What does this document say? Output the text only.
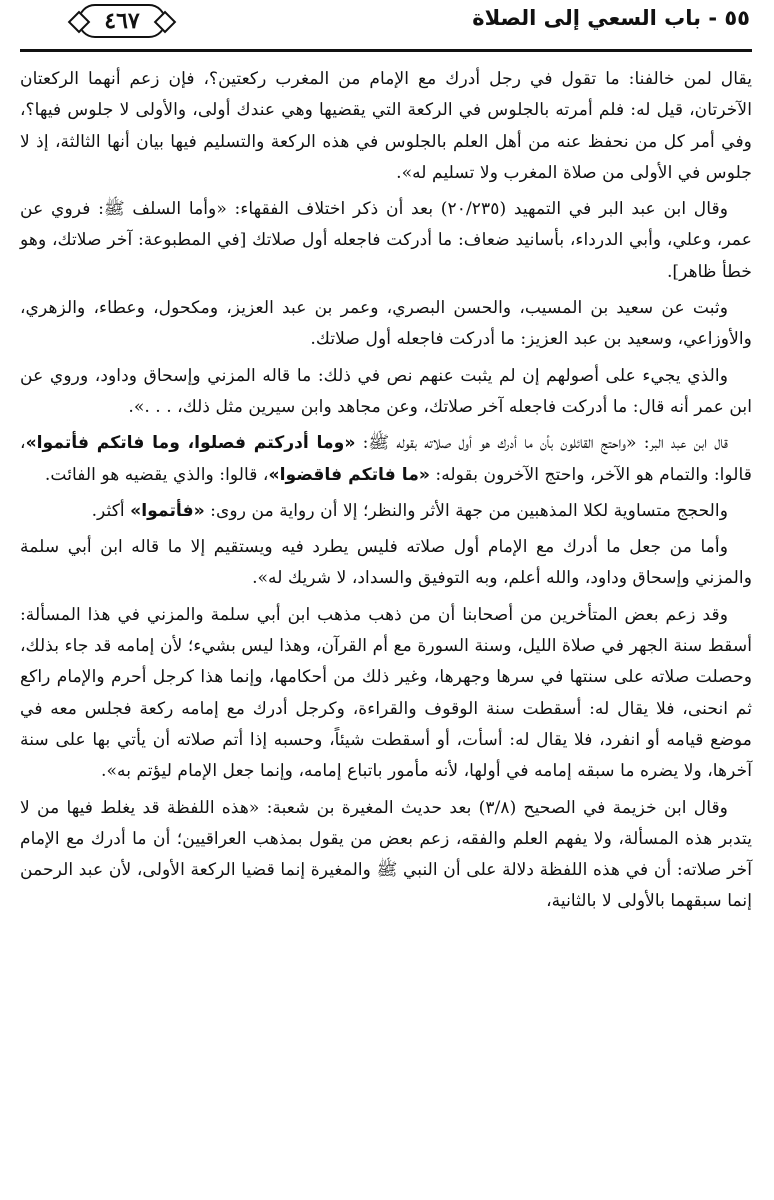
٥٥ - باب السعي إلى الصلاة
٤٦٧

يقال لمن خالفنا: ما تقول في رجل أدرك مع الإمام من المغرب ركعتين؟، فإن زعم أنهما الركعتان الآخرتان، قيل له: فلم أمرته بالجلوس في الركعة التي يقضيها وهي عندك أولى، والأولى لا جلوس فيها؟، وفي أمر كل من نحفظ عنه من أهل العلم بالجلوس في هذه الركعة والتسليم فيها بيان أنها الثالثة، إذ لا جلوس في الأولى من صلاة المغرب ولا تسليم له».

وقال ابن عبد البر في التمهيد (٢٠/٢٣٥) بعد أن ذكر اختلاف الفقهاء: «وأما السلف ﷺ: فروي عن عمر، وعلي، وأبي الدرداء، بأسانيد ضعاف: ما أدركت فاجعله أول صلاتك [في المطبوعة: آخر صلاتك، وهو خطأ ظاهر].

وثبت عن سعيد بن المسيب، والحسن البصري، وعمر بن عبد العزيز، ومكحول، وعطاء، والزهري، والأوزاعي، وسعيد بن عبد العزيز: ما أدركت فاجعله أول صلاتك.

والذي يجيء على أصولهم إن لم يثبت عنهم نص في ذلك: ما قاله المزني وإسحاق وداود، وروي عن ابن عمر أنه قال: ما أدركت فاجعله آخر صلاتك، وعن مجاهد وابن سيرين مثل ذلك، . . .».

قال ابن عبد البر: «واحتج القائلون بأن ما أدرك هو أول صلاته بقوله ﷺ: «وما أدركتم فصلوا، وما فاتكم فأتموا»، قالوا: والتمام هو الآخر، واحتج الآخرون بقوله: «ما فاتكم فاقضوا»، قالوا: والذي يقضيه هو الفائت.

والحجج متساوية لكلا المذهبين من جهة الأثر والنظر؛ إلا أن رواية من روى: «فأتموا» أكثر.

وأما من جعل ما أدرك مع الإمام أول صلاته فليس يطرد فيه ويستقيم إلا ما قاله ابن أبي سلمة والمزني وإسحاق وداود، والله أعلم، وبه التوفيق والسداد، لا شريك له».

وقد زعم بعض المتأخرين من أصحابنا أن من ذهب مذهب ابن أبي سلمة والمزني في هذا المسألة: أسقط سنة الجهر في صلاة الليل، وسنة السورة مع أم القرآن، وهذا ليس بشيء؛ لأن إمامه قد جاء بذلك، وحصلت صلاته على سنتها في سرها وجهرها، وغير ذلك من أحكامها، وإنما هذا كرجل أحرم والإمام راكع ثم انحنى، فلا يقال له: أسقطت سنة الوقوف والقراءة، وكرجل أدرك مع إمامه ركعة فجلس معه في موضع قيامه أو انفرد، فلا يقال له: أسأت، أو أسقطت شيئاً، وحسبه إذا أتم صلاته أن يأتي بها على سنة آخرها، ولا يضره ما سبقه إمامه في أولها، لأنه مأمور باتباع إمامه، وإنما جعل الإمام ليؤتم به».

وقال ابن خزيمة في الصحيح (٣/٨) بعد حديث المغيرة بن شعبة: «هذه اللفظة قد يغلط فيها من لا يتدبر هذه المسألة، ولا يفهم العلم والفقه، زعم بعض من يقول بمذهب العراقيين؛ أن ما أدرك مع الإمام آخر صلاته: أن في هذه اللفظة دلالة على أن النبي ﷺ والمغيرة إنما قضيا الركعة الأولى، لأن عبد الرحمن إنما سبقهما بالأولى لا بالثانية،
